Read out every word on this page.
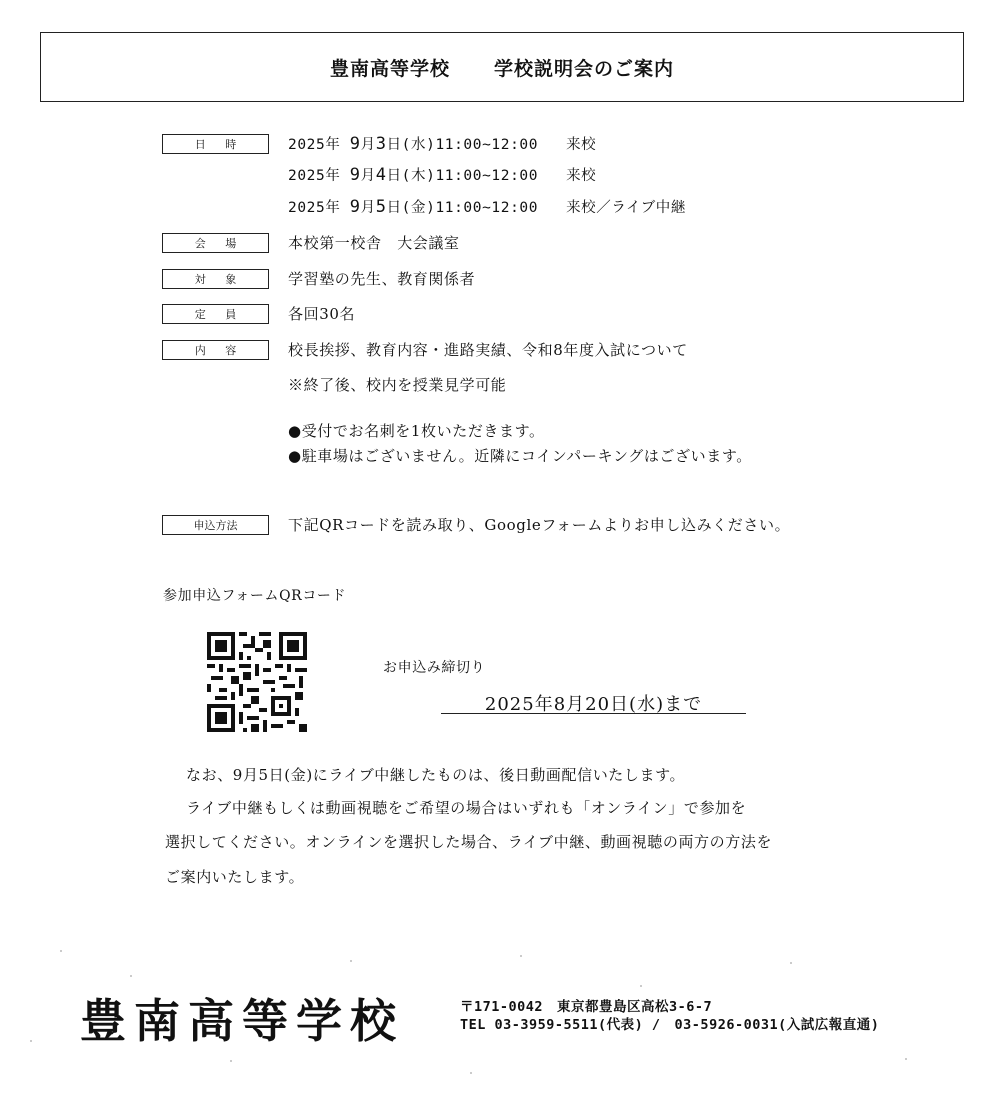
豊南高等学校 学校説明会のご案内
日 時	2025年 9月3日(水)11:00~12:00 来校
2025年 9月4日(木)11:00~12:00 来校
2025年 9月5日(金)11:00~12:00 来校／ライブ中継
会 場	本校第一校舎　大会議室
対 象	学習塾の先生、教育関係者
定 員	各回30名
内 容	校長挨拶、教育内容・進路実績、令和8年度入試について
※終了後、校内を授業見学可能
●受付でお名刺を1枚いただきます。
●駐車場はございません。近隣にコインパーキングはございます。
申込方法	下記QRコードを読み取り、Googleフォームよりお申し込みください。
参加申込フォームQRコード
お申込み締切り
2025年8月20日(水)まで
なお、9月5日(金)にライブ中継したものは、後日動画配信いたします。
ライブ中継もしくは動画視聴をご希望の場合はいずれも「オンライン」で参加を
選択してください。オンラインを選択した場合、ライブ中継、動画視聴の両方の方法を
ご案内いたします。
豊南高等学校	〒171-0042　東京都豊島区高松3-6-7
TEL 03-3959-5511(代表) /　03-5926-0031(入試広報直通)
